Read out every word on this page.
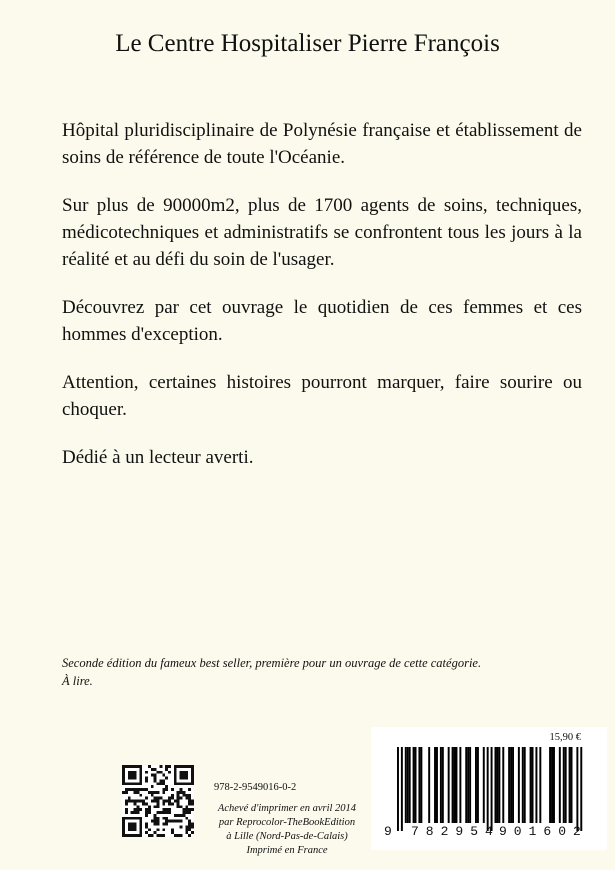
Le Centre Hospitaliser Pierre François

Hôpital pluridisciplinaire de Polynésie française et établissement de soins de référence de toute l'Océanie.

Sur plus de 90000m2, plus de 1700 agents de soins, techniques, médicotechniques et administratifs se confrontent tous les jours à la réalité et au défi du soin de l'usager.

Découvrez par cet ouvrage le quotidien de ces femmes et ces hommes d'exception.

Attention, certaines histoires pourront marquer, faire sourire ou choquer.

Dédié à un lecteur averti.

Seconde édition du fameux best seller, première pour un ouvrage de cette catégorie.
À lire.
978-2-9549016-0-2
Achevé d'imprimer en avril 2014
par Reprocolor-TheBookEdition
à Lille (Nord-Pas-de-Calais)
Imprimé en France
15,90 €
9 782954 901602
